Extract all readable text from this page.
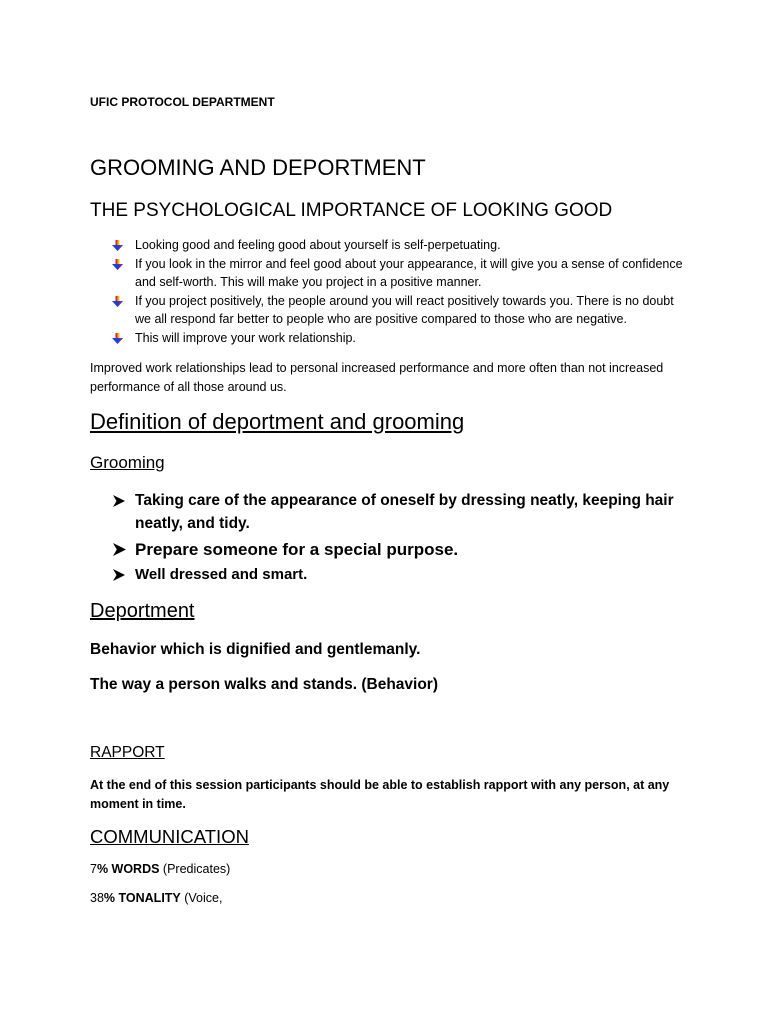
UFIC PROTOCOL DEPARTMENT
GROOMING AND DEPORTMENT
THE PSYCHOLOGICAL IMPORTANCE OF LOOKING GOOD
Looking good and feeling good about yourself is self-perpetuating.
If you look in the mirror and feel good about your appearance, it will give you a sense of confidence and self-worth. This will make you project in a positive manner.
If you project positively, the people around you will react positively towards you. There is no doubt we all respond far better to people who are positive compared to those who are negative.
This will improve your work relationship.

Improved work relationships lead to personal increased performance and more often than not increased performance of all those around us.

Definition of deportment and grooming
Grooming
Taking care of the appearance of oneself by dressing neatly, keeping hair neatly, and tidy.
Prepare someone for a special purpose.
Well dressed and smart.
Deportment
Behavior which is dignified and gentlemanly.
The way a person walks and stands. (Behavior)
RAPPORT

At the end of this session participants should be able to establish rapport with any person, at any moment in time.

COMMUNICATION
7% WORDS (Predicates)
38% TONALITY (Voice,
